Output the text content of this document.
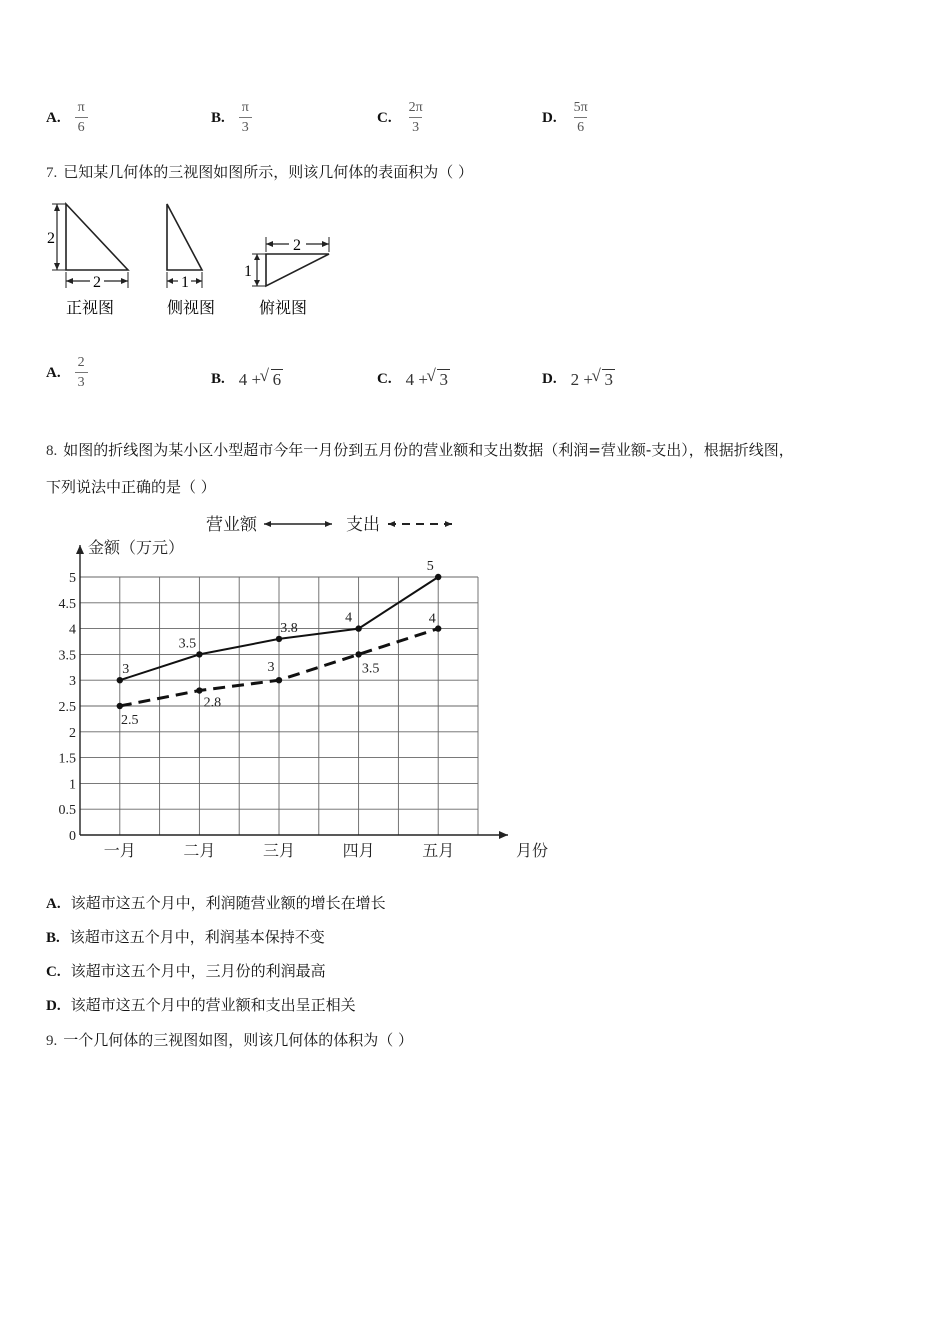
A. $\frac{\pi}{6}$	B. $\frac{\pi}{3}$	C. $\frac{2\pi}{3}$	D. $\frac{5\pi}{6}$
7. 已知某几何体的三视图如图所示，则该几何体的表面积为（ ）
2
2
正视图
1
侧视图
2
1
俯视图
A. $\frac{2}{3}$	B. 4 + √ 6	C. 4 + √ 3	D. 2 + √ 3
8. 如图的折线图为某小区小型超市今年一月份到五月份的营业额和支出数据（利润=营业额-支出），根据折线图，
下列说法中正确的是（ ）
0
0.5
1
1.5
2
2.5
3
3.5
4
4.5
5
金额（万元）
月份
一月	二月	三月	四月	五月
营业额	支出
3
3.5
3.8
4
5
2.5
2.8
3	3.5
4
A. 该超市这五个月中，利润随营业额的增长在增长
B. 该超市这五个月中，利润基本保持不变
C. 该超市这五个月中，三月份的利润最高
D. 该超市这五个月中的营业额和支出呈正相关
9. 一个几何体的三视图如图，则该几何体的体积为（ ）
